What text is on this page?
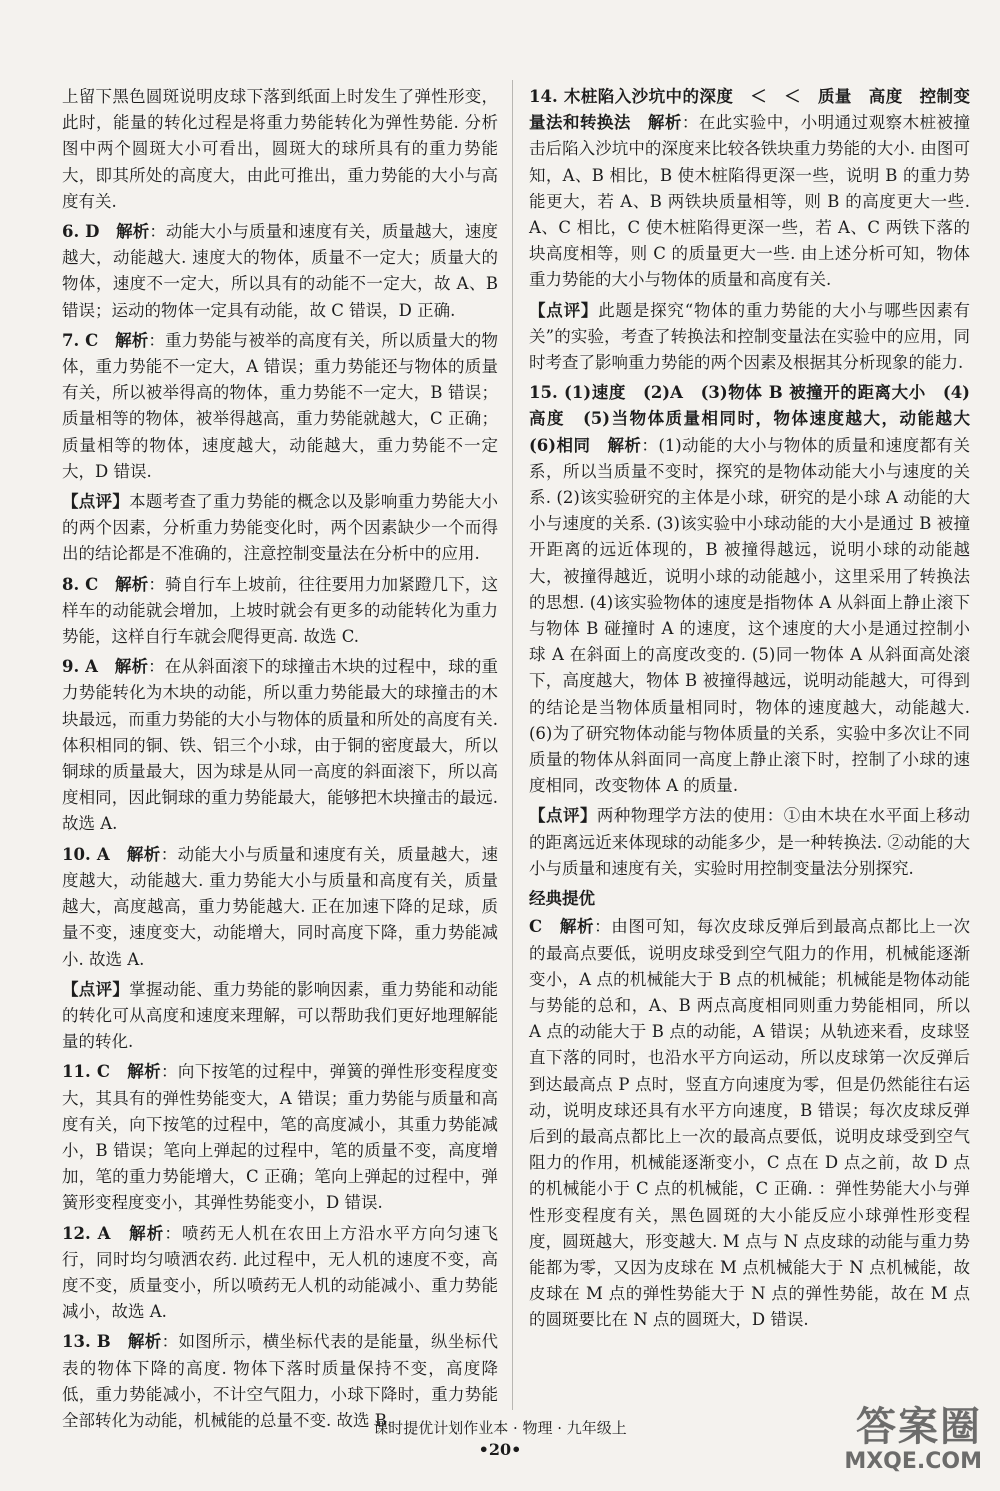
上留下黑色圆斑说明皮球下落到纸面上时发生了弹性形变，此时，能量的转化过程是将重力势能转化为弹性势能. 分析图中两个圆斑大小可看出，圆斑大的球所具有的重力势能大，即其所处的高度大，由此可推出，重力势能的大小与高度有关.
6. D　解析：动能大小与质量和速度有关，质量越大，速度越大，动能越大. 速度大的物体，质量不一定大；质量大的物体，速度不一定大，所以具有的动能不一定大，故 A、B 错误；运动的物体一定具有动能，故 C 错误，D 正确.
7. C　解析：重力势能与被举的高度有关，所以质量大的物体，重力势能不一定大，A 错误；重力势能还与物体的质量有关，所以被举得高的物体，重力势能不一定大，B 错误；质量相等的物体，被举得越高，重力势能就越大，C 正确；质量相等的物体，速度越大，动能越大，重力势能不一定大，D 错误.
【点评】本题考查了重力势能的概念以及影响重力势能大小的两个因素，分析重力势能变化时，两个因素缺少一个而得出的结论都是不准确的，注意控制变量法在分析中的应用.
8. C　解析：骑自行车上坡前，往往要用力加紧蹬几下，这样车的动能就会增加，上坡时就会有更多的动能转化为重力势能，这样自行车就会爬得更高. 故选 C.
9. A　解析：在从斜面滚下的球撞击木块的过程中，球的重力势能转化为木块的动能，所以重力势能最大的球撞击的木块最远，而重力势能的大小与物体的质量和所处的高度有关. 体积相同的铜、铁、铝三个小球，由于铜的密度最大，所以铜球的质量最大，因为球是从同一高度的斜面滚下，所以高度相同，因此铜球的重力势能最大，能够把木块撞击的最远. 故选 A.
10. A　解析：动能大小与质量和速度有关，质量越大，速度越大，动能越大. 重力势能大小与质量和高度有关，质量越大，高度越高，重力势能越大. 正在加速下降的足球，质量不变，速度变大，动能增大，同时高度下降，重力势能减小. 故选 A.
【点评】掌握动能、重力势能的影响因素，重力势能和动能的转化可从高度和速度来理解，可以帮助我们更好地理解能量的转化.
11. C　解析：向下按笔的过程中，弹簧的弹性形变程度变大，其具有的弹性势能变大，A 错误；重力势能与质量和高度有关，向下按笔的过程中，笔的高度减小，其重力势能减小，B 错误；笔向上弹起的过程中，笔的质量不变，高度增加，笔的重力势能增大，C 正确；笔向上弹起的过程中，弹簧形变程度变小，其弹性势能变小，D 错误.
12. A　解析：喷药无人机在农田上方沿水平方向匀速飞行，同时均匀喷洒农药. 此过程中，无人机的速度不变，高度不变，质量变小，所以喷药无人机的动能减小、重力势能减小，故选 A.
13. B　解析：如图所示，横坐标代表的是能量，纵坐标代表的物体下降的高度. 物体下落时质量保持不变，高度降低，重力势能减小，不计空气阻力，小球下降时，重力势能全部转化为动能，机械能的总量不变. 故选 B.
14. 木桩陷入沙坑中的深度　＜　＜　质量　高度　控制变量法和转换法　解析：在此实验中，小明通过观察木桩被撞击后陷入沙坑中的深度来比较各铁块重力势能的大小. 由图可知，A、B 相比，B 使木桩陷得更深一些，说明 B 的重力势能更大，若 A、B 两铁块质量相等，则 B 的高度更大一些. A、C 相比，C 使木桩陷得更深一些，若 A、C 两铁下落的块高度相等，则 C 的质量更大一些. 由上述分析可知，物体重力势能的大小与物体的质量和高度有关.
【点评】此题是探究“物体的重力势能的大小与哪些因素有关”的实验，考查了转换法和控制变量法在实验中的应用，同时考查了影响重力势能的两个因素及根据其分析现象的能力.
15. (1)速度　(2)A　(3)物体 B 被撞开的距离大小　(4)高度　(5)当物体质量相同时，物体速度越大，动能越大　(6)相同　解析：(1)动能的大小与物体的质量和速度都有关系，所以当质量不变时，探究的是物体动能大小与速度的关系. (2)该实验研究的主体是小球，研究的是小球 A 动能的大小与速度的关系. (3)该实验中小球动能的大小是通过 B 被撞开距离的远近体现的，B 被撞得越远，说明小球的动能越大，被撞得越近，说明小球的动能越小，这里采用了转换法的思想. (4)该实验物体的速度是指物体 A 从斜面上静止滚下与物体 B 碰撞时 A 的速度，这个速度的大小是通过控制小球 A 在斜面上的高度改变的. (5)同一物体 A 从斜面高处滚下，高度越大，物体 B 被撞得越远，说明动能越大，可得到的结论是当物体质量相同时，物体的速度越大，动能越大. (6)为了研究物体动能与物体质量的关系，实验中多次让不同质量的物体从斜面同一高度上静止滚下时，控制了小球的速度相同，改变物体 A 的质量.
【点评】两种物理学方法的使用：①由木块在水平面上移动的距离远近来体现球的动能多少，是一种转换法. ②动能的大小与质量和速度有关，实验时用控制变量法分别探究.
经典提优
C　解析：由图可知，每次皮球反弹后到最高点都比上一次的最高点要低，说明皮球受到空气阻力的作用，机械能逐渐变小，A 点的机械能大于 B 点的机械能；机械能是物体动能与势能的总和，A、B 两点高度相同则重力势能相同，所以 A 点的动能大于 B 点的动能，A 错误；从轨迹来看，皮球竖直下落的同时，也沿水平方向运动，所以皮球第一次反弹后到达最高点 P 点时，竖直方向速度为零，但是仍然能往右运动，说明皮球还具有水平方向速度，B 错误；每次皮球反弹后到的最高点都比上一次的最高点要低，说明皮球受到空气阻力的作用，机械能逐渐变小，C 点在 D 点之前，故 D 点的机械能小于 C 点的机械能，C 正确. ：弹性势能大小与弹性形变程度有关，黑色圆斑的大小能反应小球弹性形变程度，圆斑越大，形变越大. M 点与 N 点皮球的动能与重力势能都为零，又因为皮球在 M 点机械能大于 N 点机械能，故皮球在 M 点的弹性势能大于 N 点的弹性势能，故在 M 点的圆斑要比在 N 点的圆斑大，D 错误.
课时提优计划作业本 · 物理 · 九年级上
•20•	答案圈
MXQE.COM
